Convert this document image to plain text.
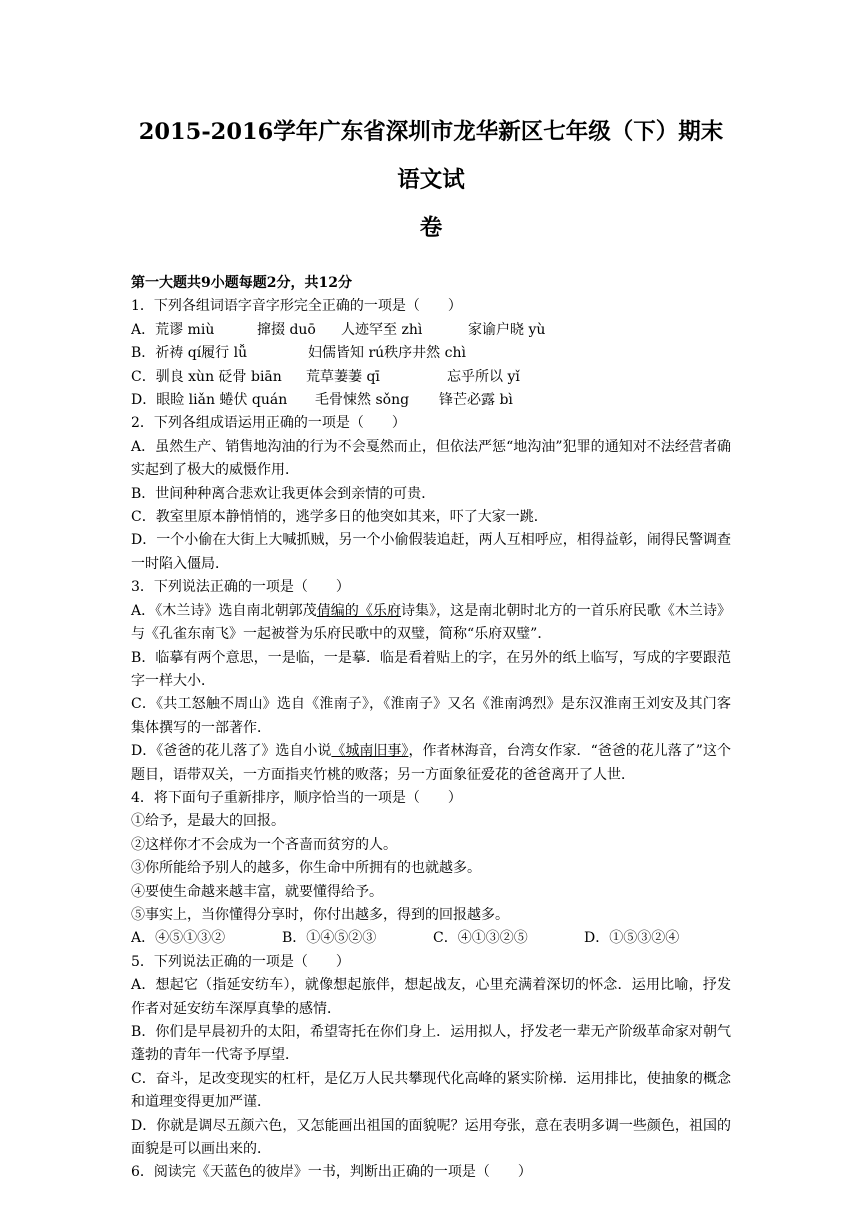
2015-2016学年广东省深圳市龙华新区七年级（下）期末语文试
卷

第一大题共9小题每题2分，共12分

1．下列各组词语字音字形完全正确的一项是（　　）

A．荒谬 miù	撺掇 duō 人迹罕至 zhì	家谕户晓 yù

B．祈祷 qí履行 lǚ	妇儒皆知 rú秩序井然 chì

C．驯良 xùn 砭骨 biān 荒草萋萋 qī	忘乎所以 yǐ

D．眼睑 liǎn 蜷伏 quán 毛骨悚然 sǒng 锋芒必露 bì

2．下列各组成语运用正确的一项是（　　）

A．虽然生产、销售地沟油的行为不会戛然而止，但依法严惩“地沟油”犯罪的通知对不法经营者确实起到了极大的威慑作用．

B．世间种种离合悲欢让我更体会到亲情的可贵．

C．教室里原本静悄悄的，逃学多日的他突如其来，吓了大家一跳．

D．一个小偷在大街上大喊抓贼，另一个小偷假装追赶，两人互相呼应，相得益彰，闹得民警调查一时陷入僵局．

3．下列说法正确的一项是（　　）

A．《木兰诗》选自南北朝郭茂倩编的《乐府诗集》，这是南北朝时北方的一首乐府民歌《木兰诗》与《孔雀东南飞》一起被誉为乐府民歌中的双璧，简称“乐府双璧”．

B．临摹有两个意思，一是临，一是摹．临是看着贴上的字，在另外的纸上临写，写成的字要跟范字一样大小．

C．《共工怒触不周山》选自《淮南子》，《淮南子》又名《淮南鸿烈》是东汉淮南王刘安及其门客集体撰写的一部著作．

D．《爸爸的花儿落了》选自小说《城南旧事》，作者林海音，台湾女作家．“爸爸的花儿落了”这个题目，语带双关，一方面指夹竹桃的败落；另一方面象征爱花的爸爸离开了人世．

4．将下面句子重新排序，顺序恰当的一项是（　　）

①给予，是最大的回报。

②这样你才不会成为一个吝啬而贫穷的人。

③你所能给予别人的越多，你生命中所拥有的也就越多。

④要使生命越来越丰富，就要懂得给予。

⑤事实上，当你懂得分享时，你付出越多，得到的回报越多。

A．④⑤①③②	B．①④⑤②③	C．④①③②⑤	D．①⑤③②④

5．下列说法正确的一项是（　　）

A．想起它（指延安纺车），就像想起旅伴，想起战友，心里充满着深切的怀念．运用比喻，抒发作者对延安纺车深厚真挚的感情．

B．你们是早晨初升的太阳，希望寄托在你们身上．运用拟人，抒发老一辈无产阶级革命家对朝气蓬勃的青年一代寄予厚望．

C．奋斗，足改变现实的杠杆，是亿万人民共攀现代化高峰的紧实阶梯．运用排比，使抽象的概念和道理变得更加严谨．

D．你就是调尽五颜六色，又怎能画出祖国的面貌呢？运用夸张，意在表明多调一些颜色，祖国的面貌是可以画出来的．

6．阅读完《天蓝色的彼岸》一书，判断出正确的一项是（　　）
